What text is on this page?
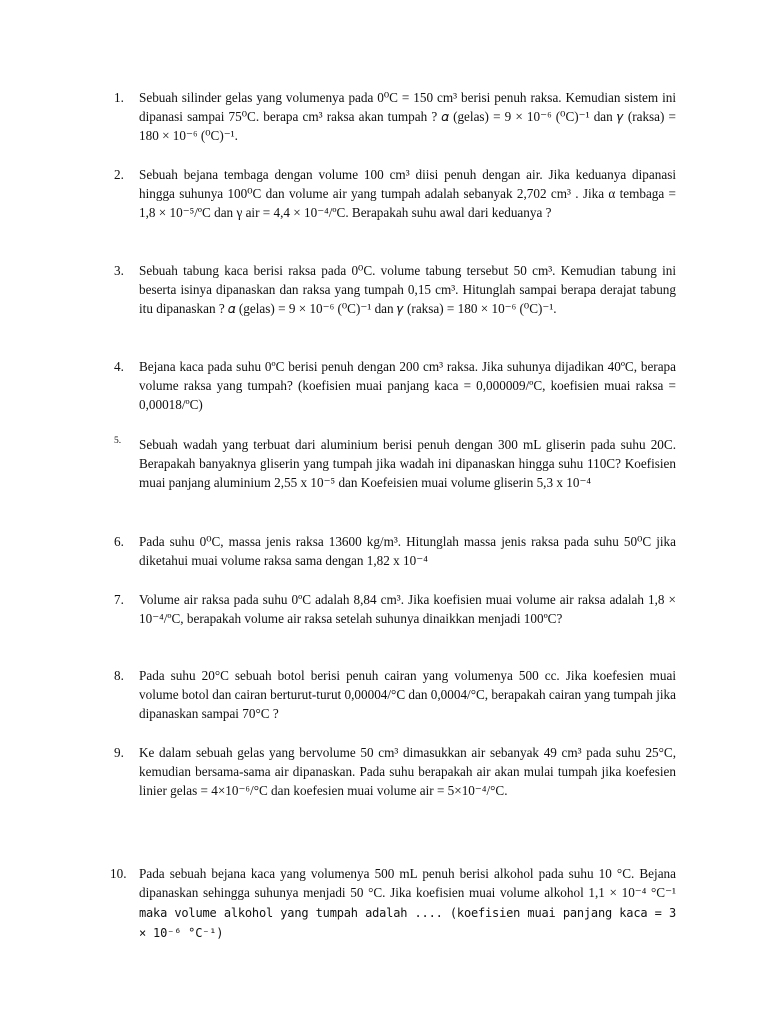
1.	Sebuah silinder gelas yang volumenya pada 0⁰C = 150 cm³ berisi penuh raksa. Kemudian sistem ini dipanasi sampai 75⁰C. berapa cm³ raksa akan tumpah ? 𝛼 (gelas) = 9 × 10⁻⁶ (⁰C)⁻¹ dan 𝛾 (raksa) = 180 × 10⁻⁶ (⁰C)⁻¹.
2.	Sebuah bejana tembaga dengan volume 100 cm³ diisi penuh dengan air. Jika keduanya dipanasi hingga suhunya 100⁰C dan volume air yang tumpah adalah sebanyak 2,702 cm³ . Jika α tembaga = 1,8 × 10⁻⁵/ºC dan γ air = 4,4 × 10⁻⁴/ºC. Berapakah suhu awal dari keduanya ?
3.	Sebuah tabung kaca berisi raksa pada 0⁰C. volume tabung tersebut 50 cm³. Kemudian tabung ini beserta isinya dipanaskan dan raksa yang tumpah 0,15 cm³. Hitunglah sampai berapa derajat tabung itu dipanaskan ? 𝛼 (gelas) = 9 × 10⁻⁶ (⁰C)⁻¹ dan 𝛾 (raksa) = 180 × 10⁻⁶ (⁰C)⁻¹.
4.	Bejana kaca pada suhu 0ºC berisi penuh dengan 200 cm³ raksa. Jika suhunya dijadikan 40ºC, berapa volume raksa yang tumpah? (koefisien muai panjang kaca = 0,000009/ºC, koefisien muai raksa = 0,00018/ºC)
5.	Sebuah wadah yang terbuat dari aluminium berisi penuh dengan 300 mL gliserin pada suhu 20C. Berapakah banyaknya gliserin yang tumpah jika wadah ini dipanaskan hingga suhu 110C? Koefisien muai panjang aluminium 2,55 x 10⁻⁵ dan Koefeisien muai volume gliserin 5,3 x 10⁻⁴
6.	Pada suhu 0⁰C, massa jenis raksa 13600 kg/m³. Hitunglah massa jenis raksa pada suhu 50⁰C jika diketahui muai volume raksa sama dengan 1,82 x 10⁻⁴
7.	Volume air raksa pada suhu 0ºC adalah 8,84 cm³. Jika koefisien muai volume air raksa adalah 1,8 × 10⁻⁴/ºC, berapakah volume air raksa setelah suhunya dinaikkan menjadi 100ºC?
8.	Pada suhu 20°C sebuah botol berisi penuh cairan yang volumenya 500 cc. Jika koefesien muai volume botol dan cairan berturut-turut 0,00004/°C dan 0,0004/°C, berapakah cairan yang tumpah jika dipanaskan sampai 70°C ?
9.	Ke dalam sebuah gelas yang bervolume 50 cm³ dimasukkan air sebanyak 49 cm³ pada suhu 25°C, kemudian bersama-sama air dipanaskan. Pada suhu berapakah air akan mulai tumpah jika koefesien linier gelas = 4×10⁻⁶/°C dan koefesien muai volume air = 5×10⁻⁴/°C.
10. Pada sebuah bejana kaca yang volumenya 500 mL penuh berisi alkohol pada suhu 10 °C. Bejana dipanaskan sehingga suhunya menjadi 50 °C. Jika koefisien muai volume alkohol 1,1 × 10⁻⁴ °C⁻¹ maka volume alkohol yang tumpah adalah .... (koefisien muai panjang kaca = 3 × 10⁻⁶ °C⁻¹)
